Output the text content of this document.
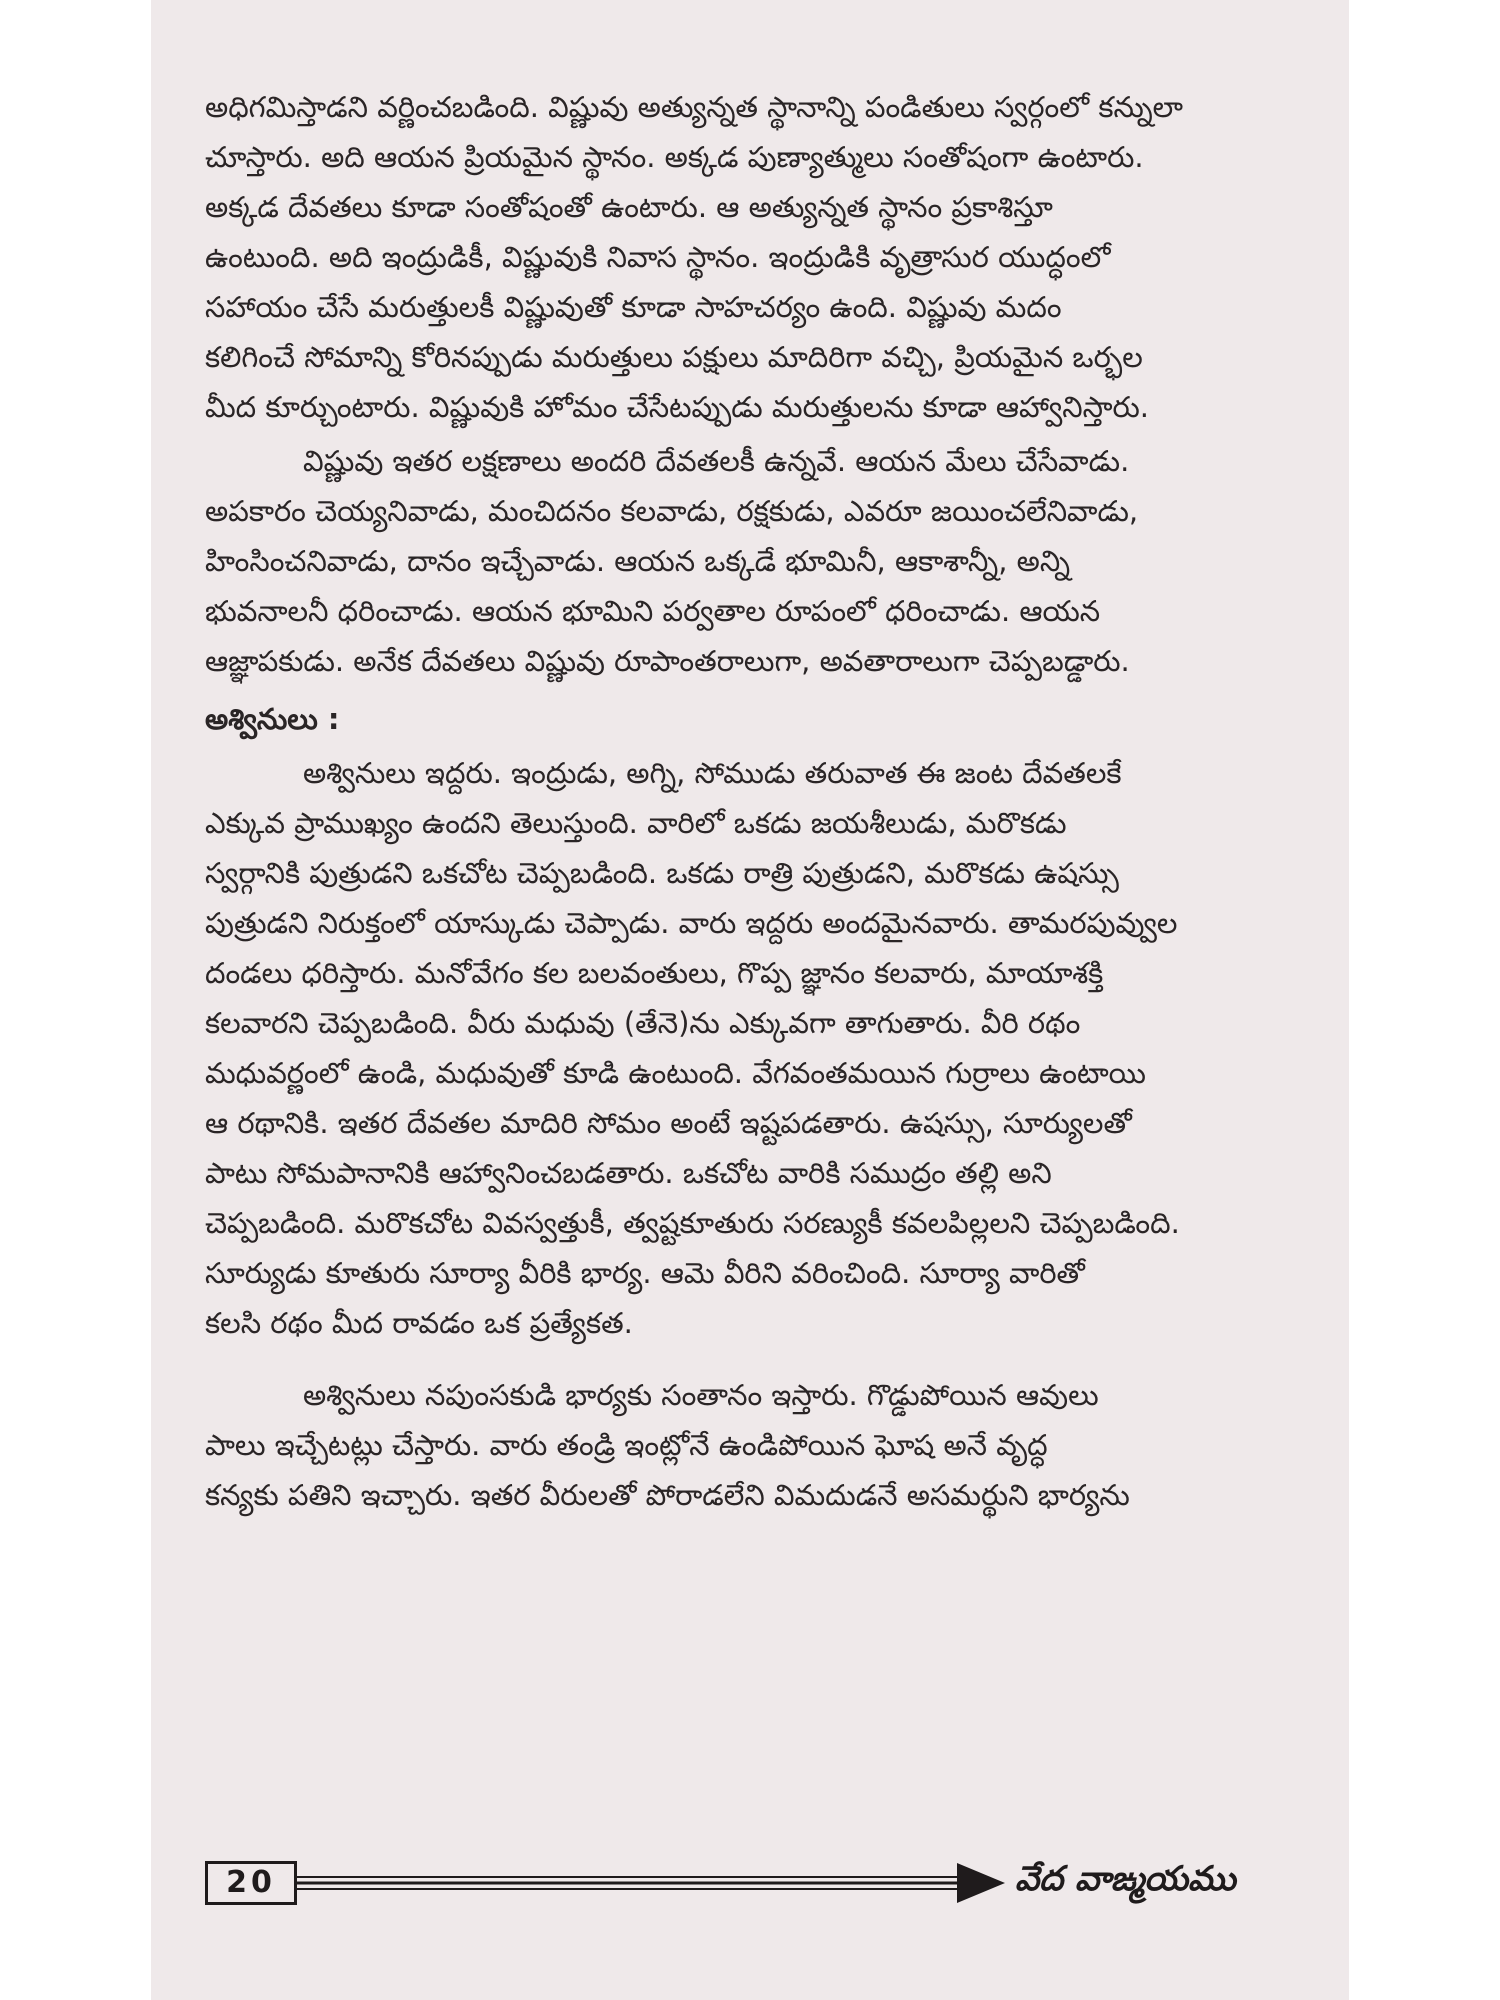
అధిగమిస్తాడని వర్ణించబడింది. విష్ణువు అత్యున్నత స్థానాన్ని పండితులు స్వర్గంలో కన్నులా
చూస్తారు. అది ఆయన ప్రియమైన స్థానం. అక్కడ పుణ్యాత్ములు సంతోషంగా ఉంటారు.
అక్కడ దేవతలు కూడా సంతోషంతో ఉంటారు. ఆ అత్యున్నత స్థానం ప్రకాశిస్తూ
ఉంటుంది. అది ఇంద్రుడికీ, విష్ణువుకి నివాస స్థానం. ఇంద్రుడికి వృత్రాసుర యుద్ధంలో
సహాయం చేసే మరుత్తులకీ విష్ణువుతో కూడా సాహచర్యం ఉంది. విష్ణువు మదం
కలిగించే సోమాన్ని కోరినప్పుడు మరుత్తులు పక్షులు మాదిరిగా వచ్చి, ప్రియమైన ఒర్భల
మీద కూర్చుంటారు. విష్ణువుకి హోమం చేసేటప్పుడు మరుత్తులను కూడా ఆహ్వానిస్తారు.
విష్ణువు ఇతర లక్షణాలు అందరి దేవతలకీ ఉన్నవే. ఆయన మేలు చేసేవాడు.
అపకారం చెయ్యనివాడు, మంచిదనం కలవాడు, రక్షకుడు, ఎవరూ జయించలేనివాడు,
హింసించనివాడు, దానం ఇచ్చేవాడు. ఆయన ఒక్కడే భూమినీ, ఆకాశాన్నీ, అన్ని
భువనాలనీ ధరించాడు. ఆయన భూమిని పర్వతాల రూపంలో ధరించాడు. ఆయన
ఆజ్ఞాపకుడు. అనేక దేవతలు విష్ణువు రూపాంతరాలుగా, అవతారాలుగా చెప్పబడ్డారు.
అశ్వినులు :
అశ్వినులు ఇద్దరు. ఇంద్రుడు, అగ్ని, సోముడు తరువాత ఈ జంట దేవతలకే
ఎక్కువ ప్రాముఖ్యం ఉందని తెలుస్తుంది. వారిలో ఒకడు జయశీలుడు, మరొకడు
స్వర్గానికి పుత్రుడని ఒకచోట చెప్పబడింది. ఒకడు రాత్రి పుత్రుడని, మరొకడు ఉషస్సు
పుత్రుడని నిరుక్తంలో యాస్కుడు చెప్పాడు. వారు ఇద్దరు అందమైనవారు. తామరపువ్వుల
దండలు ధరిస్తారు. మనోవేగం కల బలవంతులు, గొప్ప జ్ఞానం కలవారు, మాయాశక్తి
కలవారని చెప్పబడింది. వీరు మధువు (తేనె)ను ఎక్కువగా తాగుతారు. వీరి రథం
మధువర్ణంలో ఉండి, మధువుతో కూడి ఉంటుంది. వేగవంతమయిన గుర్రాలు ఉంటాయి
ఆ రథానికి. ఇతర దేవతల మాదిరి సోమం అంటే ఇష్టపడతారు. ఉషస్సు, సూర్యులతో
పాటు సోమపానానికి ఆహ్వానించబడతారు. ఒకచోట వారికి సముద్రం తల్లి అని
చెప్పబడింది. మరొకచోట వివస్వత్తుకీ, త్వష్టకూతురు సరణ్యుకీ కవలపిల్లలని చెప్పబడింది.
సూర్యుడు కూతురు సూర్యా వీరికి భార్య. ఆమె వీరిని వరించింది. సూర్యా వారితో
కలసి రథం మీద రావడం ఒక ప్రత్యేకత.
అశ్వినులు నపుంసకుడి భార్యకు సంతానం ఇస్తారు. గొడ్డుపోయిన ఆవులు
పాలు ఇచ్చేటట్లు చేస్తారు. వారు తండ్రి ఇంట్లోనే ఉండిపోయిన ఘోష అనే వృద్ధ
కన్యకు పతిని ఇచ్చారు. ఇతర వీరులతో పోరాడలేని విమదుడనే అసమర్థుని భార్యను
20	వేద వాఙ్మయము
